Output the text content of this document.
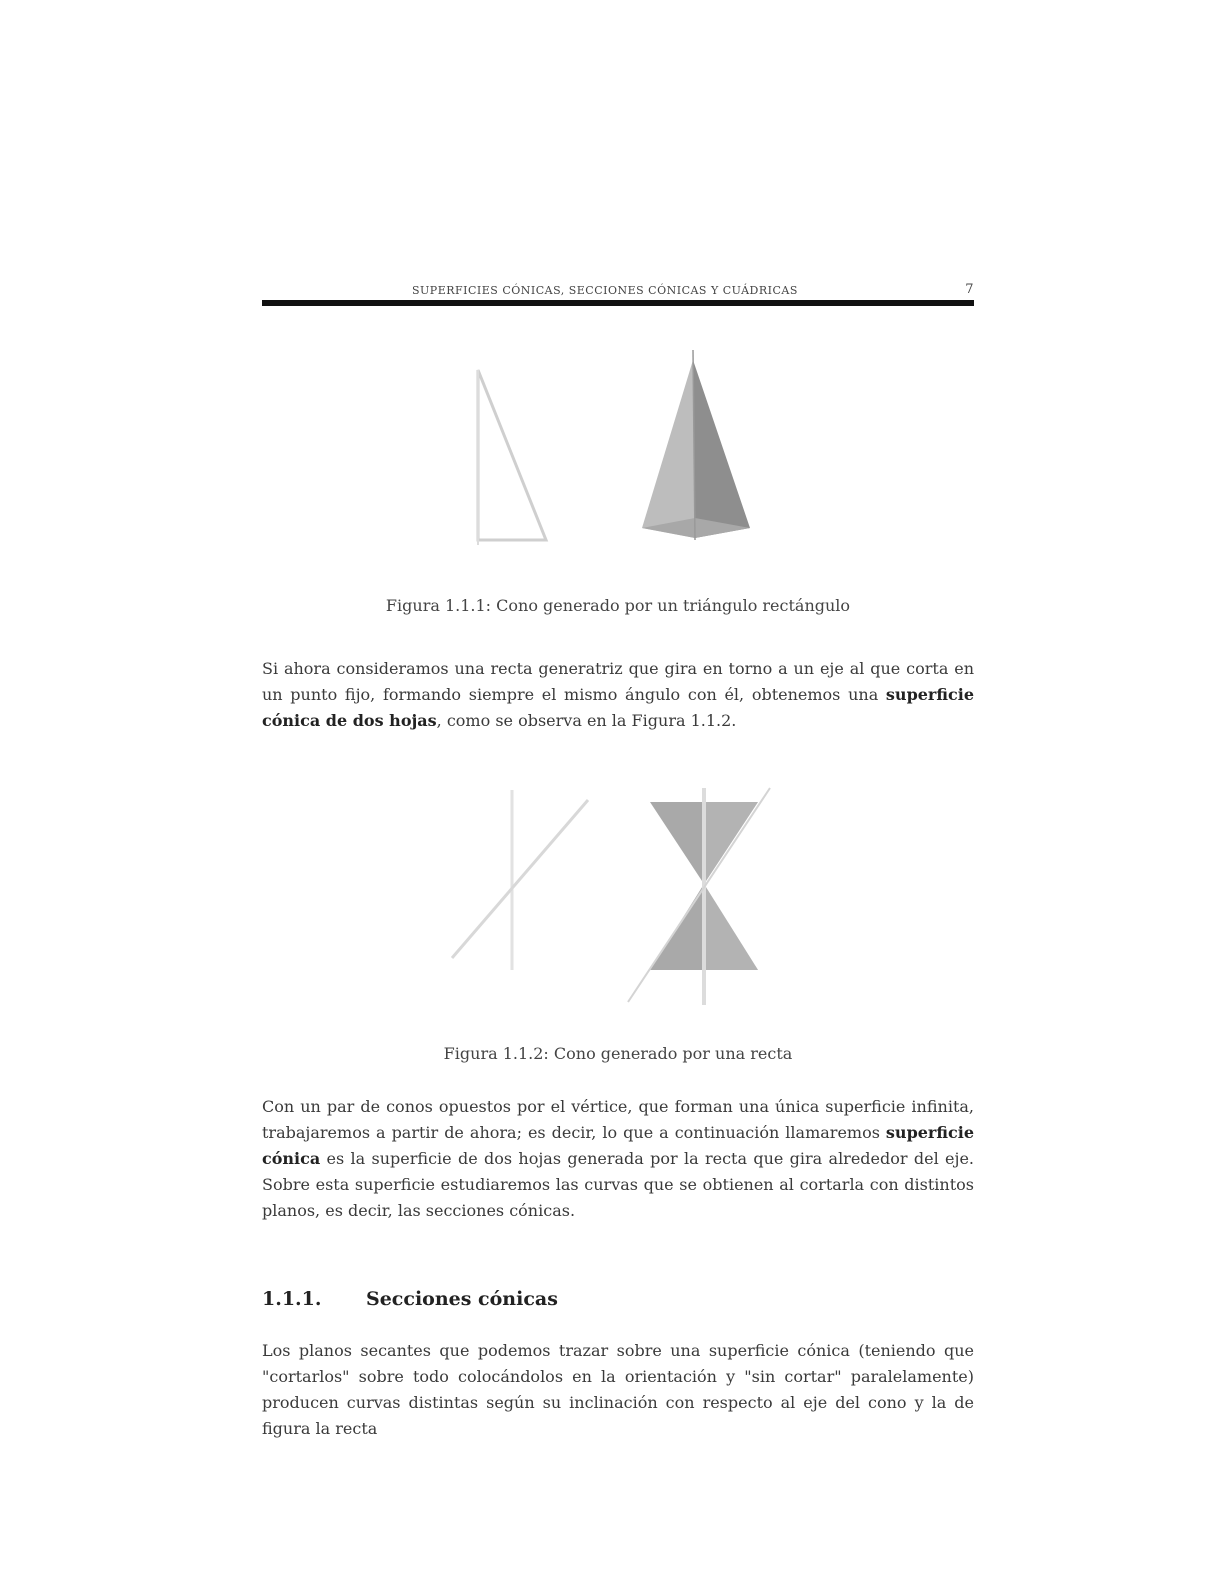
SUPERFICIES CÓNICAS, SECCIONES CÓNICAS Y CUÁDRICAS	7
Figura 1.1.1: Cono generado por un triángulo rectángulo

Si ahora consideramos una recta generatriz que gira en torno a un eje al que corta en un punto fijo, formando siempre el mismo ángulo con él, obtenemos una superficie cónica de dos hojas, como se observa en la Figura 1.1.2.

Figura 1.1.2: Cono generado por una recta

Con un par de conos opuestos por el vértice, que forman una única superficie infinita, trabajaremos a partir de ahora; es decir, lo que a continuación llamaremos superficie cónica es la superficie de dos hojas generada por la recta que gira alrededor del eje. Sobre esta superficie estudiaremos las curvas que se obtienen al cortarla con distintos planos, es decir, las secciones cónicas.

1.1.1. Secciones cónicas

Los planos secantes que podemos trazar sobre una superficie cónica (teniendo que "cortarlos" sobre todo colocándolos en la orientación y "sin cortar" paralelamente) producen curvas distintas según su inclinación con respecto al eje del cono y la de figura la recta
